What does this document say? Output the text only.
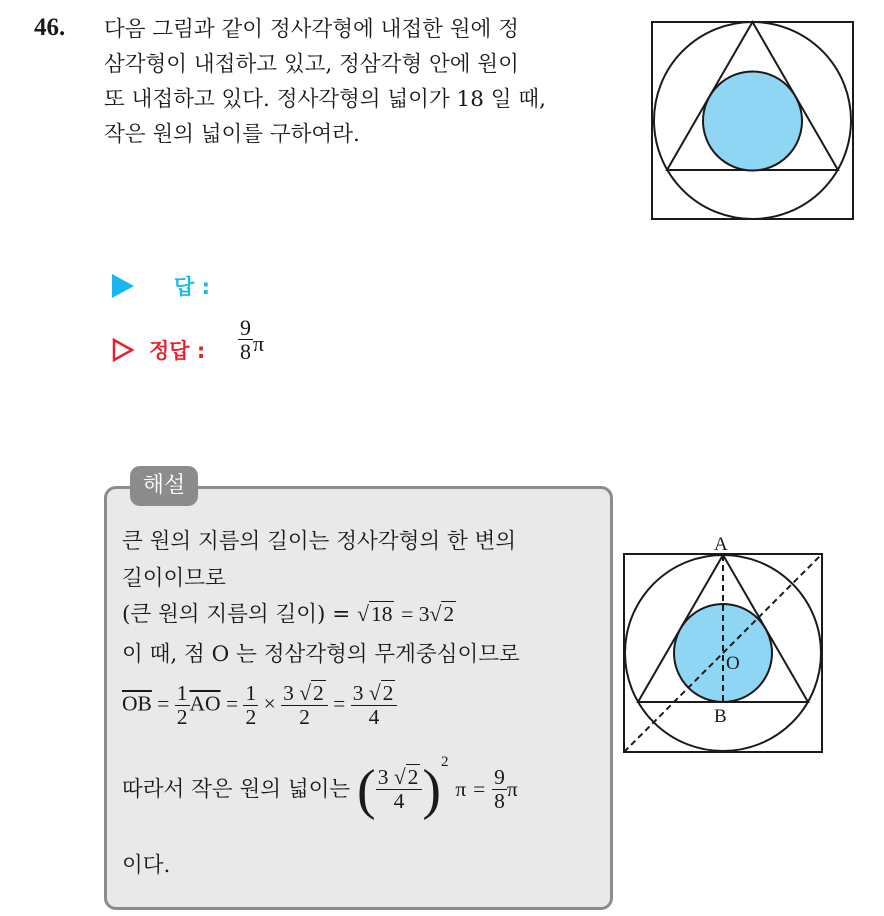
46. 다음 그림과 같이 정사각형에 내접한 원에 정
삼각형이 내접하고 있고, 정삼각형 안에 원이
또 내접하고 있다. 정사각형의 넓이가 18 일 때,
작은 원의 넓이를 구하여라.
답 :
정답 : $\frac{9}{8}$ π
해설
큰 원의 지름의 길이는 정사각형의 한 변의
길이이므로
(큰 원의 지름의 길이) = √18 = 3√2
이 때, 점 O 는 정삼각형의 무게중심이므로
$\overline{OB} = \frac{1}{2} \overline{AO} = \frac{1}{2} \times \frac{3 √2}{2} = \frac{3 √2}{4}$
따라서 작은 원의 넓이는 ( $\frac{3 √2}{4} )^2$ $\pi = \frac{9}{8}$ π
이다.
A
O
B
